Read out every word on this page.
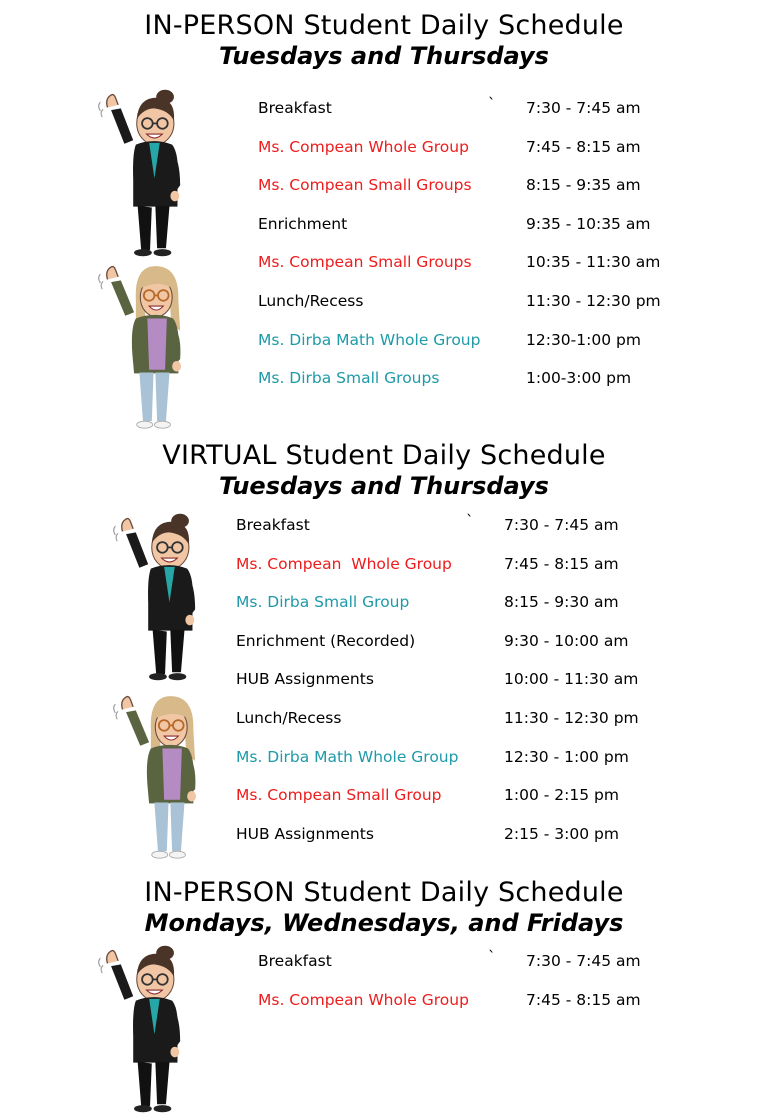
IN-PERSON Student Daily Schedule
Tuesdays and Thursdays
Breakfast	` 7:30 - 7:45 am
Ms. Compean Whole Group	7:45 - 8:15 am
Ms. Compean Small Groups	8:15 - 9:35 am
Enrichment	9:35 - 10:35 am
Ms. Compean Small Groups	10:35 - 11:30 am
Lunch/Recess	11:30 - 12:30 pm
Ms. Dirba Math Whole Group	12:30-1:00 pm
Ms. Dirba Small Groups	1:00-3:00 pm
VIRTUAL Student Daily Schedule
Tuesdays and Thursdays
Breakfast	` 7:30 - 7:45 am
Ms. Compean  Whole Group	7:45 - 8:15 am
Ms. Dirba Small Group	8:15 - 9:30 am
Enrichment (Recorded)	9:30 - 10:00 am
HUB Assignments	10:00 - 11:30 am
Lunch/Recess	11:30 - 12:30 pm
Ms. Dirba Math Whole Group	12:30 - 1:00 pm
Ms. Compean Small Group	1:00 - 2:15 pm
HUB Assignments	2:15 - 3:00 pm
IN-PERSON Student Daily Schedule
Mondays, Wednesdays, and Fridays
Breakfast	` 7:30 - 7:45 am
Ms. Compean Whole Group	7:45 - 8:15 am
